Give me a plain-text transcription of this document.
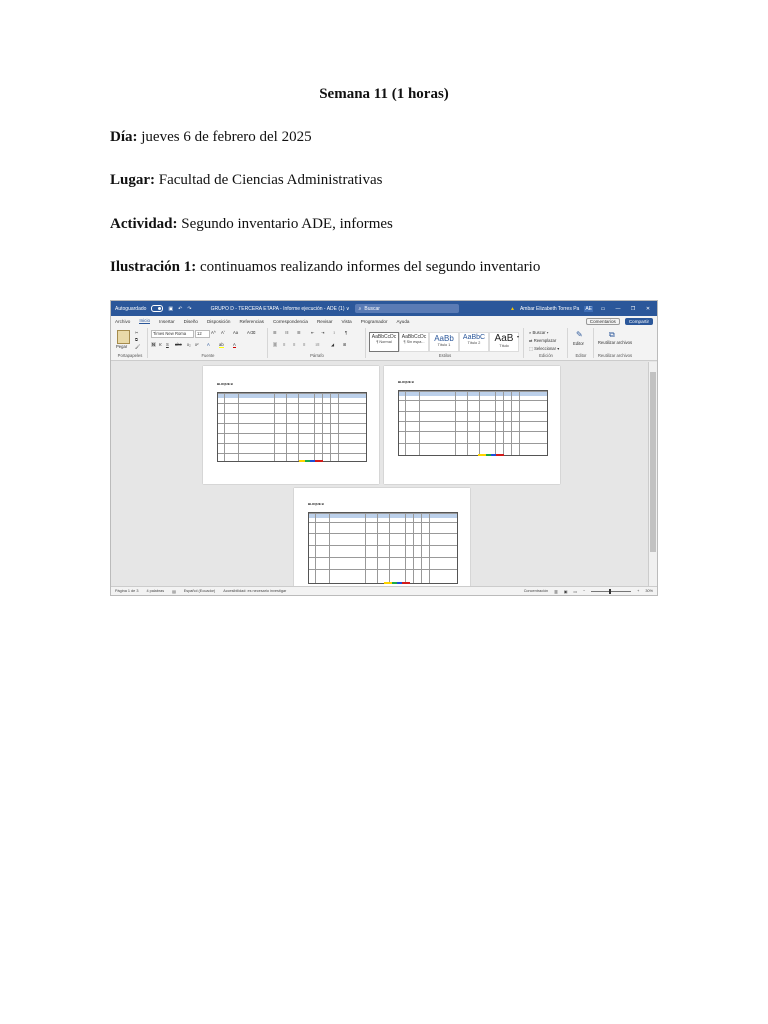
Semana 11 (1 horas)
Día: jueves 6 de febrero del 2025
Lugar: Facultad de Ciencias Administrativas
Actividad: Segundo inventario ADE, informes
Ilustración 1: continuamos realizando informes del segundo inventario
Autoguardado	▣ ↶ ↷	GRUPO D - TERCERA ETAPA - Informe ejecución - ADE (1) ∨ ⌕ Buscar	▲ Ambar Elizabeth Torres Pa AE	▭	—	❐	✕
Archivo Inicio Insertar Diseño Disposición Referencias Correspondencia Revisar Vista Programador Ayuda	Comentarios	Compartir
Pegar
✂
⧉
🖌
Portapapeles
Times New Roma	12	A^ Aˇ Aa A⌫
N K S abc x₂ x² A ab A
Fuente
☰ ☷ ☰ ⇤ ⇥ ↕ ¶
≡ ≡ ≡ ≡ ↕≡	◢ ⊞
Párrafo
AaBbCcDc
¶ Normal
AaBbCcDc
¶ Sin espa...	AaBb
Título 1
AaBbC
Título 2	AaB
Título
▾
Estilos
⌕ Buscar ▾
⇄ Reemplazar
⬚ Seleccionar ▾
Edición
✎
Editor
Editor
⧉
Reutilizar archivos
Reutilizar archivos
BLOQUE B	BLOQUE B
BLOQUE B
Página 1 de 3 4 palabras ▤ Español (Ecuador) Accesibilidad: es necesario investigar	Concentración ▥ ▣ ▭ −	+ 30%
